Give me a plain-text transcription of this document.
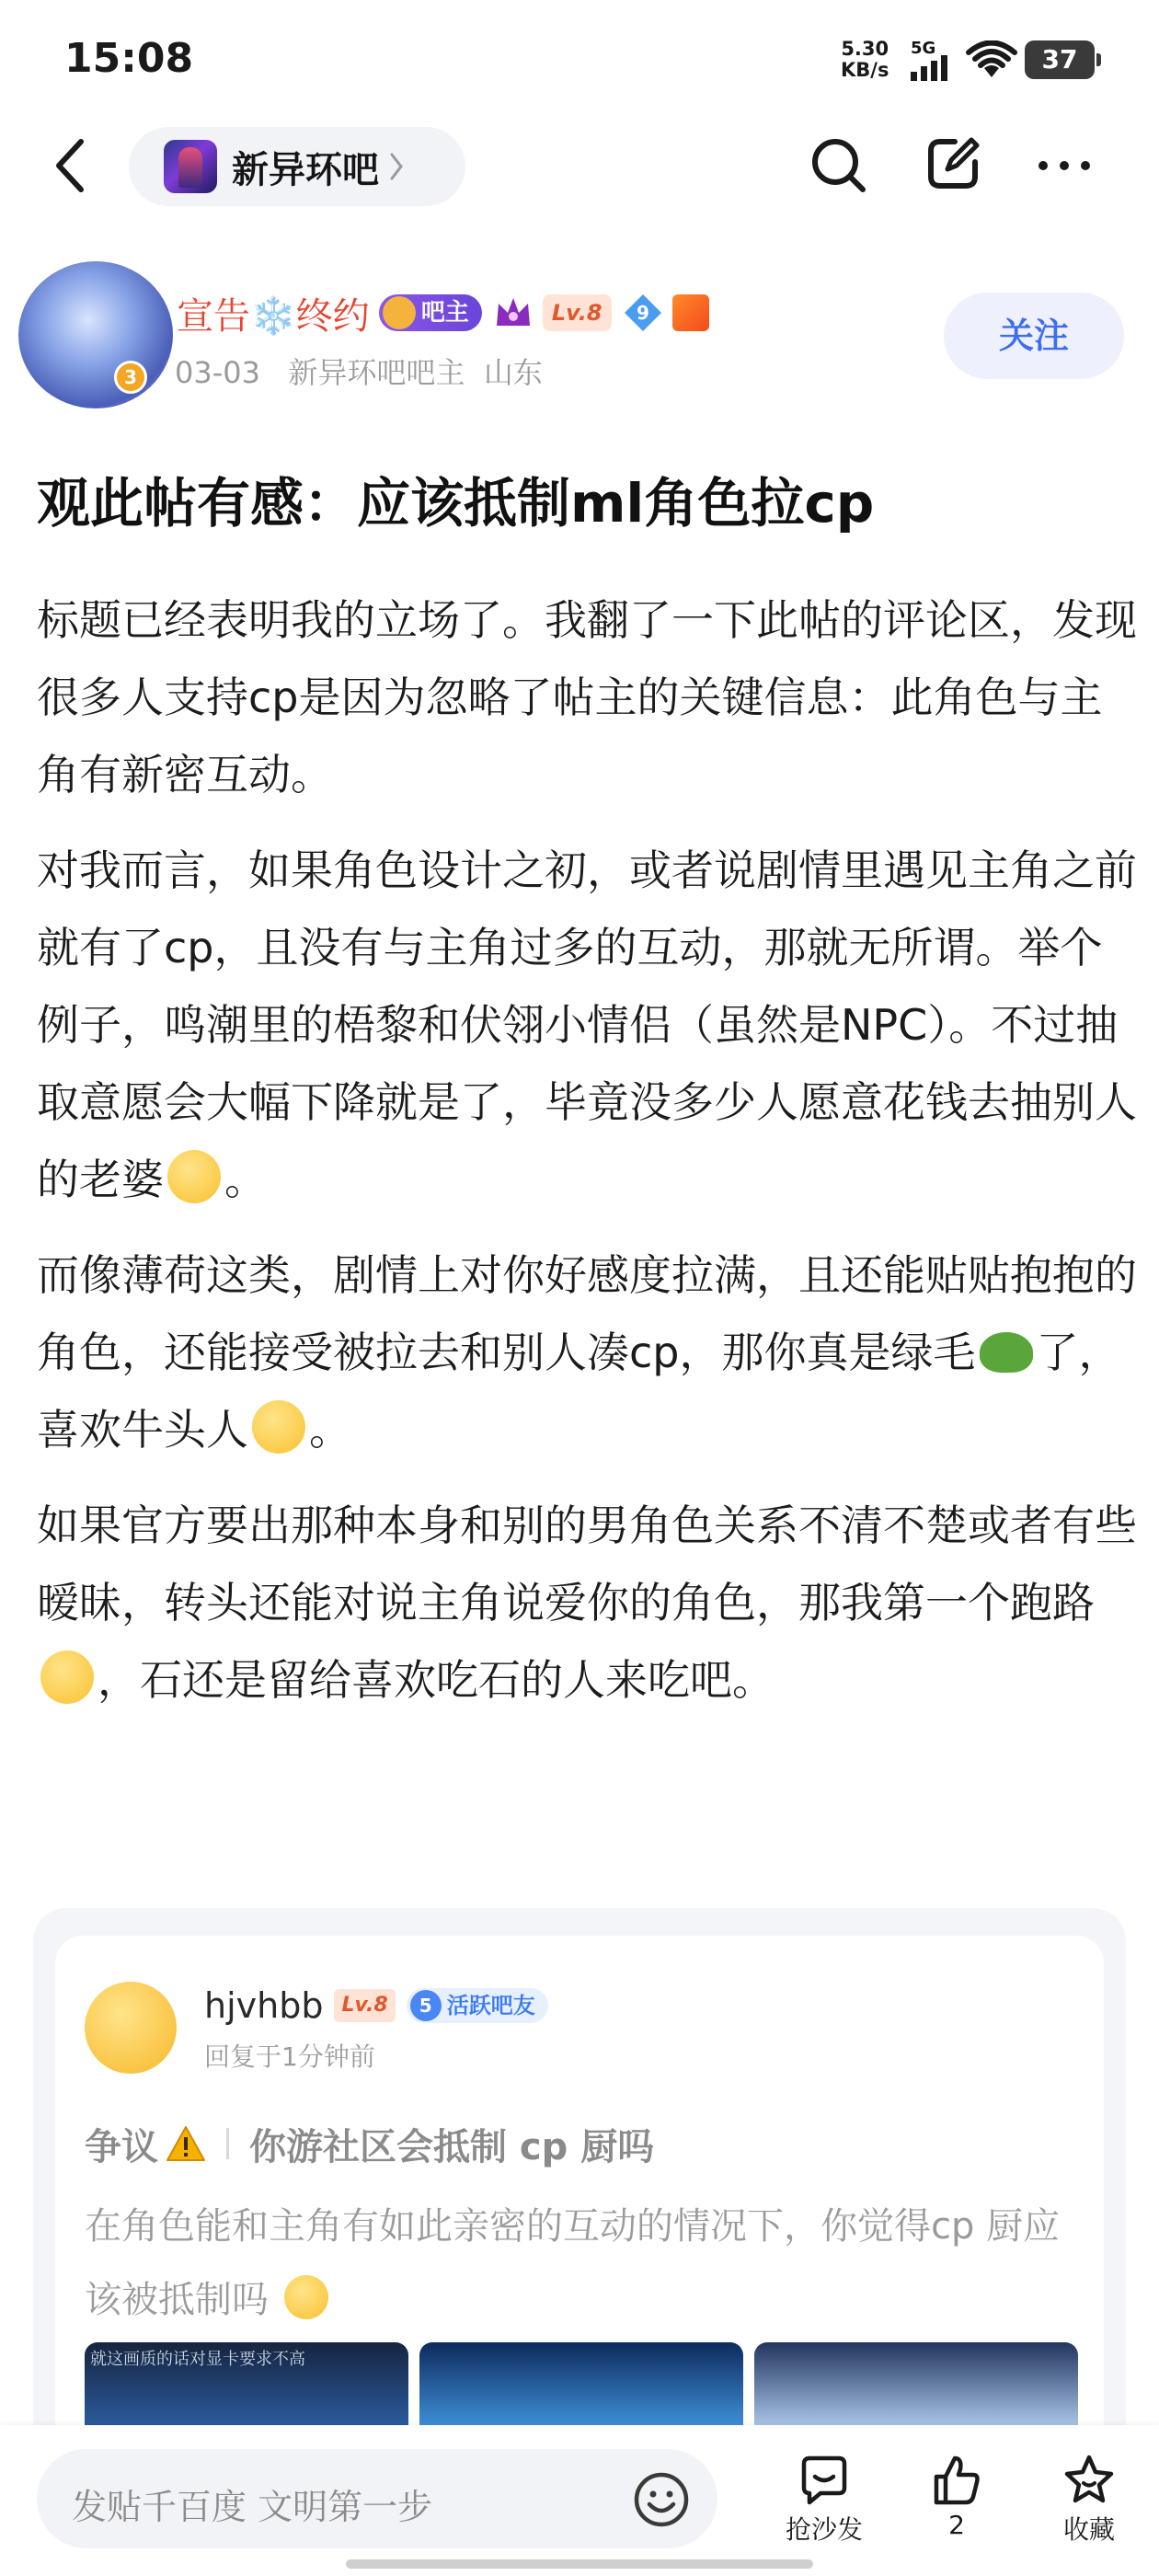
15:08	5.30
KB/s
5G	37
新异环吧
3
宣告❄️终约	吧主	Lv.8	9
03-03 新异环吧吧主 山东
关注
观此帖有感：应该抵制ml角色拉cp

标题已经表明我的立场了。我翻了一下此帖的评论区，发现很多人支持cp是因为忽略了帖主的关键信息：此角色与主角有新密互动。

对我而言，如果角色设计之初，或者说剧情里遇见主角之前就有了cp，且没有与主角过多的互动，那就无所谓。举个例子，鸣潮里的梧黎和伏翎小情侣（虽然是NPC）。不过抽取意愿会大幅下降就是了，毕竟没多少人愿意花钱去抽别人的老婆 。

而像薄荷这类，剧情上对你好感度拉满，且还能贴贴抱抱的角色，还能接受被拉去和别人凑cp，那你真是绿毛 了，喜欢牛头人 。

如果官方要出那种本身和别的男角色关系不清不楚或者有些暧昧，转头还能对说主角说爱你的角色，那我第一个跑路，石还是留给喜欢吃石的人来吃吧。

hjvhbb Lv.8	5 活跃吧友
回复于1分钟前
争议 你游社区会抵制 cp 厨吗
在角色能和主角有如此亲密的互动的情况下，你觉得cp 厨应该被抵制吗
就这画质的话对显卡要求不高
发贴千百度 文明第一步
抢沙发	2	收藏
